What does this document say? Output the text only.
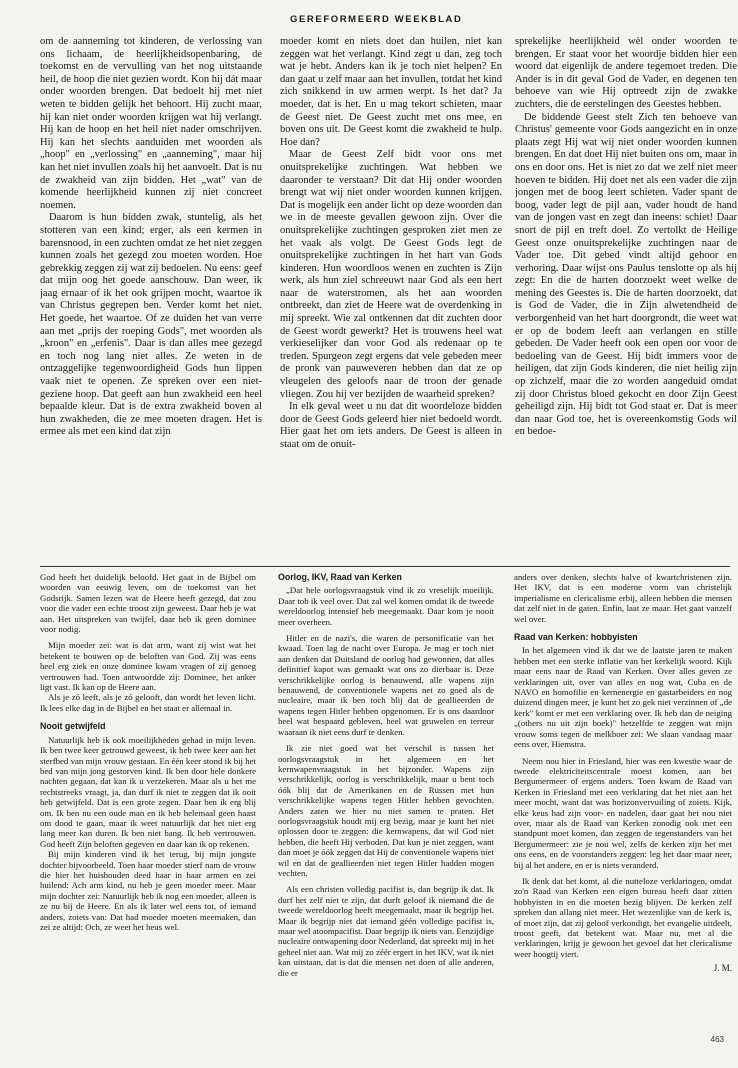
GEREFORMEERD WEEKBLAD

om de aanneming tot kinderen, de verlossing van ons lichaam, de heerlijkheidsopenbaring, de toekomst en de vervulling van het nog uitstaande heil, de hoop die niet gezien wordt. Kon hij dát maar onder woorden brengen. Dat bedoelt hij met niet weten te bidden gelijk het behoort. Hij zucht maar, hij kan niet onder woorden krijgen wat hij verlangt. Hij kan de hoop en het heil niet nader omschrijven. Hij kan het slechts aanduiden met woorden als „hoop" en „verlossing" en „aanneming", maar hij kan het niet invullen zoals hij het aanvoelt. Dat is nu de zwakheid van zijn bidden. Het „wat" van de komende heerlijkheid kunnen zij niet concreet noemen.

Daarom is hun bidden zwak, stuntelig, als het stotteren van een kind; erger, als een kermen in barensnood, in een zuchten omdat ze het niet zeggen kunnen zoals het gezegd zou moeten worden. Hoe gebrekkig zeggen zij wat zij bedoelen. Nu eens: geef dat mijn oog het goede aanschouw. Dan weer, ik jaag ernaar of ik het ook grijpen mocht, waartoe ik van Christus gegrepen ben. Verder komt het niet. Het goede, het waartoe. Of ze duiden het van verre aan met „prijs der roeping Gods", met woorden als „kroon" en „erfenis". Daar is dan alles mee gezegd en toch nog lang niet alles. Ze weten in de ontzaggelijke tegenwoordigheid Gods hun lippen vaak niet te openen. Ze spreken over een niet-geziene hoop. Dat geeft aan hun zwakheid een heel bepaalde kleur. Dat is de extra zwakheid boven al hun zwakheden, die ze mee moeten dragen. Het is ermee als met een kind dat zijn

moeder komt en niets doet dan huilen, niet kan zeggen wat het verlangt. Kind zegt u dan, zeg toch wat je hebt. Anders kan ik je toch niet helpen? En dan gaat u zelf maar aan het invullen, totdat het kind zich snikkend in uw armen werpt. Is het dat? Ja moeder, dat is het. En u mag tekort schieten, maar de Geest niet. De Geest zucht met ons mee, en boven ons uit. De Geest komt die zwakheid te hulp. Hoe dan?

Maar de Geest Zelf bidt voor ons met onuitsprekelijke zuchtingen. Wat hebben we daaronder te verstaan? Dit dat Hij onder woorden brengt wat wij niet onder woorden kunnen krijgen. Dat is mogelijk een ander licht op deze woorden dan we in de meeste gevallen gewoon zijn. Over die onuitsprekelijke zuchtingen gesproken ziet men ze het vaak als volgt. De Geest Gods legt de onuitsprekelijke zuchtingen in het hart van Gods kinderen. Hun woordloos wenen en zuchten is Zijn werk, als hun ziel schreeuwt naar God als een hert naar de waterstromen, als het aan woorden ontbreekt, dan ziet de Heere wat de overdenking in mij spreekt. Wie zal ontkennen dat dit zuchten door de Geest wordt gewerkt? Het is trouwens heel wat verkieselijker dan voor God als redenaar op te treden. Spurgeon zegt ergens dat vele gebeden meer de pronk van pauweveren hebben dan dat ze op vleugelen des geloofs naar de troon der genade vliegen. Zou hij ver bezijden de waarheid spreken?

In elk geval weet u nu dat dit woordeloze bidden door de Geest Gods geleerd hier niet bedoeld wordt. Hier gaat het om iets anders. De Geest is alleen in staat om de onuit-

sprekelijke heerlijkheid wèl onder woorden te brengen. Er staat voor het woordje bidden hier een woord dat eigenlijk de andere tegemoet treden. Die Ander is in dit geval God de Vader, en degenen ten behoeve van wie Hij optreedt zijn de zwakke zuchters, die de eerstelingen des Geestes hebben.

De biddende Geest stelt Zich ten behoeve van Christus' gemeente voor Gods aangezicht en in onze plaats zegt Hij wat wij niet onder woorden kunnen brengen. En dat doet Hij niet buiten ons om, maar in ons en door ons. Het is niet zo dat we zelf niet meer hoeven te bidden. Hij doet net als een vader die zijn jongen met de boog leert schieten. Vader spant de boog, vader legt de pijl aan, vader houdt de hand van de jongen vast en zegt dan ineens: schiet! Daar snort de pijl en treft doel. Zo vertolkt de Heilige Geest onze onuitsprekelijke zuchtingen naar de Vader toe. Dit gebed vindt altijd gehoor en verhoring. Daar wijst ons Paulus tenslotte op als hij zegt: En die de harten doorzoekt weet welke de mening des Geestes is. Die de harten doorzoekt, dat is God de Vader, die in Zijn alwetendheid de verborgenheid van het hart doorgrondt, die weet wat er op de bodem leeft aan verlangen en stille gebeden. De Vader heeft ook een open oor voor de bedoeling van de Geest. Hij bidt immers voor de heiligen, dat zijn Gods kinderen, die niet heilig zijn op zichzelf, maar die zo worden aangeduid omdat zij door Christus bloed gekocht en door Zijn Geest geheiligd zijn. Hij bidt tot God staat er. Dat is meer dan naar God toe, het is overeenkomstig Gods wil en bedoe-

God heeft het duidelijk beloofd. Het gaat in de Bijbel om woorden van eeuwig leven, om de toekomst van het Godsrijk. Samen lezen wat de Heere heeft gezegd, dat zou voor die vader een echte troost zijn geweest. Daar heb je wat aan. Het uitspreken van twijfel, daar heb ik geen dominee voor nodig.

Mijn moeder zei: wat is dat arm, want zij wist wat het betekent te bouwen op de beloften van God. Zij was eens heel erg ziek en onze dominee kwam vragen of zij genoeg vertrouwen had. Toen antwoordde zij: Dominee, het anker ligt vast. Ik kan op de Heere aan.

Als je zó leeft, als je zó gelooft, dan wordt het leven licht. Ik lees elke dag in de Bijbel en het staat er allemaal in.

Nooit getwijfeld

Natuurlijk heb ik ook moeilijkheden gehad in mijn leven. Ik ben twee keer getrouwd geweest, ik heb twee keer aan het sterfbed van mijn vrouw gestaan. En één keer stond ik bij het bed van mijn jong gestorven kind. Ik ben door hele donkere nachten gegaan, dat kan ik u verzekeren. Maar als u het me rechtstreeks vraagt, ja, dan durf ik niet te zeggen dat ik ooit heb getwijfeld. Dat is een grote zegen. Daar ben ik erg blij om. Ik ben nu een oude man en ik heb helemaal geen haast om dood te gaan, maar ik weet natuurlijk dat het niet erg lang meer kan duren. Ik ben niet bang. Ik heb vertrouwen. God heeft Zijn beloften gegeven en daar kan ik op rekenen.

Bij mijn kinderen vind ik het terug, bij mijn jongste dochter bijvoorbeeld. Toen haar moeder stierf nam de vrouw die hier het huishouden deed haar in haar armen en zei huilend: Ach arm kind, nu heb je geen moeder meer. Maar mijn dochter zei: Natuurlijk heb ik nog een moeder, alleen is ze nu bij de Heere. En als ik later wel eens tot, of iemand anders, zoiets van: Dat had moeder moeten meemaken, dan zei ze altijd: Och, ze weet het heus wel.

Oorlog, IKV, Raad van Kerken

„Dat hele oorlogsvraagstuk vind ik zo vreselijk moeilijk. Daar tob ik veel over. Dat zal wel komen omdat ik de tweede wereldoorlog intensief heb meegemaakt. Daar kom je nooit meer overheen.

Hitler en de nazi's, die waren de personificatie van het kwaad. Toen lag de nacht over Europa. Je mag er toch niet aan denken dat Duitsland de oorlog had gewonnen, dat alles definitief kapot was gemaakt wat ons zo dierbaar is. Deze verschrikkelijke oorlog is benauwend, alle wapens zijn benauwend, de conventionele wapens net zo goed als de nucleaire, maar ik ben toch blij dat de geallieerden de wapens tegen Hitler hebben opgenomen. Er is ons daardoor heel wat bespaard gebleven, heel wat gruwelen en terreur waaraan ik niet eens durf te denken.

Ik zie niet goed wat het verschil is tussen het oorlogsvraagstuk in het algemeen en het kernwapenvraagstuk in het bijzonder. Wapens zijn verschrikkelijk, oorlog is verschrikkelijk, maar u bent toch óók blij dat de Amerikanen en de Russen met hun verschrikkelijke wapens tegen Hitler hebben gevochten. Anders zaten we hier nu niet samen te praten. Het oorlogsvraagstuk houdt mij erg bezig, maar je kunt het niet oplossen door te zeggen: die kernwapens, dat wil God niet hebben, die heeft Hij verboden. Dat kun je niet zeggen, want dan moet je óók zeggen dat Hij de conventionele wapens niet wil en dat de geallieerden niet tegen Hitler hadden mogen vechten.

Als een christen volledig pacifist is, dan begrijp ik dat. Ik durf het zelf niet te zijn, dat durft geloof ik niemand die de tweede wereldoorlog heeft meegemaakt, maar ik begrijp het. Maar ik begrijp niet dat iemand géén volledige pacifist is, maar wel atoompacifist. Daar begrijp ik niets van. Eenzijdige nucleaire ontwapening door Nederland, dat spreekt mij in het geheel niet aan. Wat mij zo zéér ergert in het IKV, wat ik niet kan uitstaan, dat is dat die mensen net doen of alle anderen, die er

anders over denken, slechts halve of kwartchristenen zijn. Het IKV, dat is een moderne vorm van christelijk imperialisme en clericalisme erbij, alleen hebben die mensen dat zelf niet in de gaten. Enfin, laat ze maar. Het gaat vanzelf wel over.

Raad van Kerken: hobbyisten

In het algemeen vind ik dat we de laatste jaren te maken hebben met een sterke inflatie van het kerkelijk woord. Kijk maar eens naar de Raad van Kerken. Over alles geven ze verklaringen uit, over van alles en nog wat, Cuba en de NAVO en homofilie en kernenergie en gastarbeiders en nog duizend dingen meer, je kunt het zo gek niet verzinnen of „de kerk" komt er met een verklaring over. Ik heb dan de neiging „(others nu uit zijn boek)" hetzelfde te zeggen wat mijn vrouw soms tegen de melkboer zei: We slaan vandaag maar eens over, Hiemstra.

Neem nou hier in Friesland, hier was een kwestie waar de tweede elektriciteitscentrale moest komen, aan het Bergumermeer of ergens anders. Toen kwam de Raad van Kerken in Friesland met een verklaring dat het niet aan het meer mocht, want dat was horizonvervuiling of zoiets. Kijk, elke keus had zijn voor- en nadelen, daar gaat het nou niet over, maar als de Raad van Kerken zonodig ook met een standpunt moet komen, dan zeggen de tegenstanders van het Bergumermeer: zie je nou wel, zelfs de kerken zijn het met ons eens, en de voorstanders zeggen: leg het daar maar neer, bij al het andere, en er is niets veranderd.

Ik denk dat het komt, al die nutteloze verklaringen, omdat zo'n Raad van Kerken een eigen bureau heeft daar zitten hobbyisten in en die moeten bezig blijven. De kerken zelf spreken dan allang niet meer. Het wezenlijke van de kerk is, of moet zijn, dat zij geloof verkondigt, het evangelie uitdeelt, troost geeft, dat betekent wat. Maar nu, met al die verklaringen, krijg je gewoon het gevoel dat het clericalisme weer hoogtij viert.

J. M.
463
